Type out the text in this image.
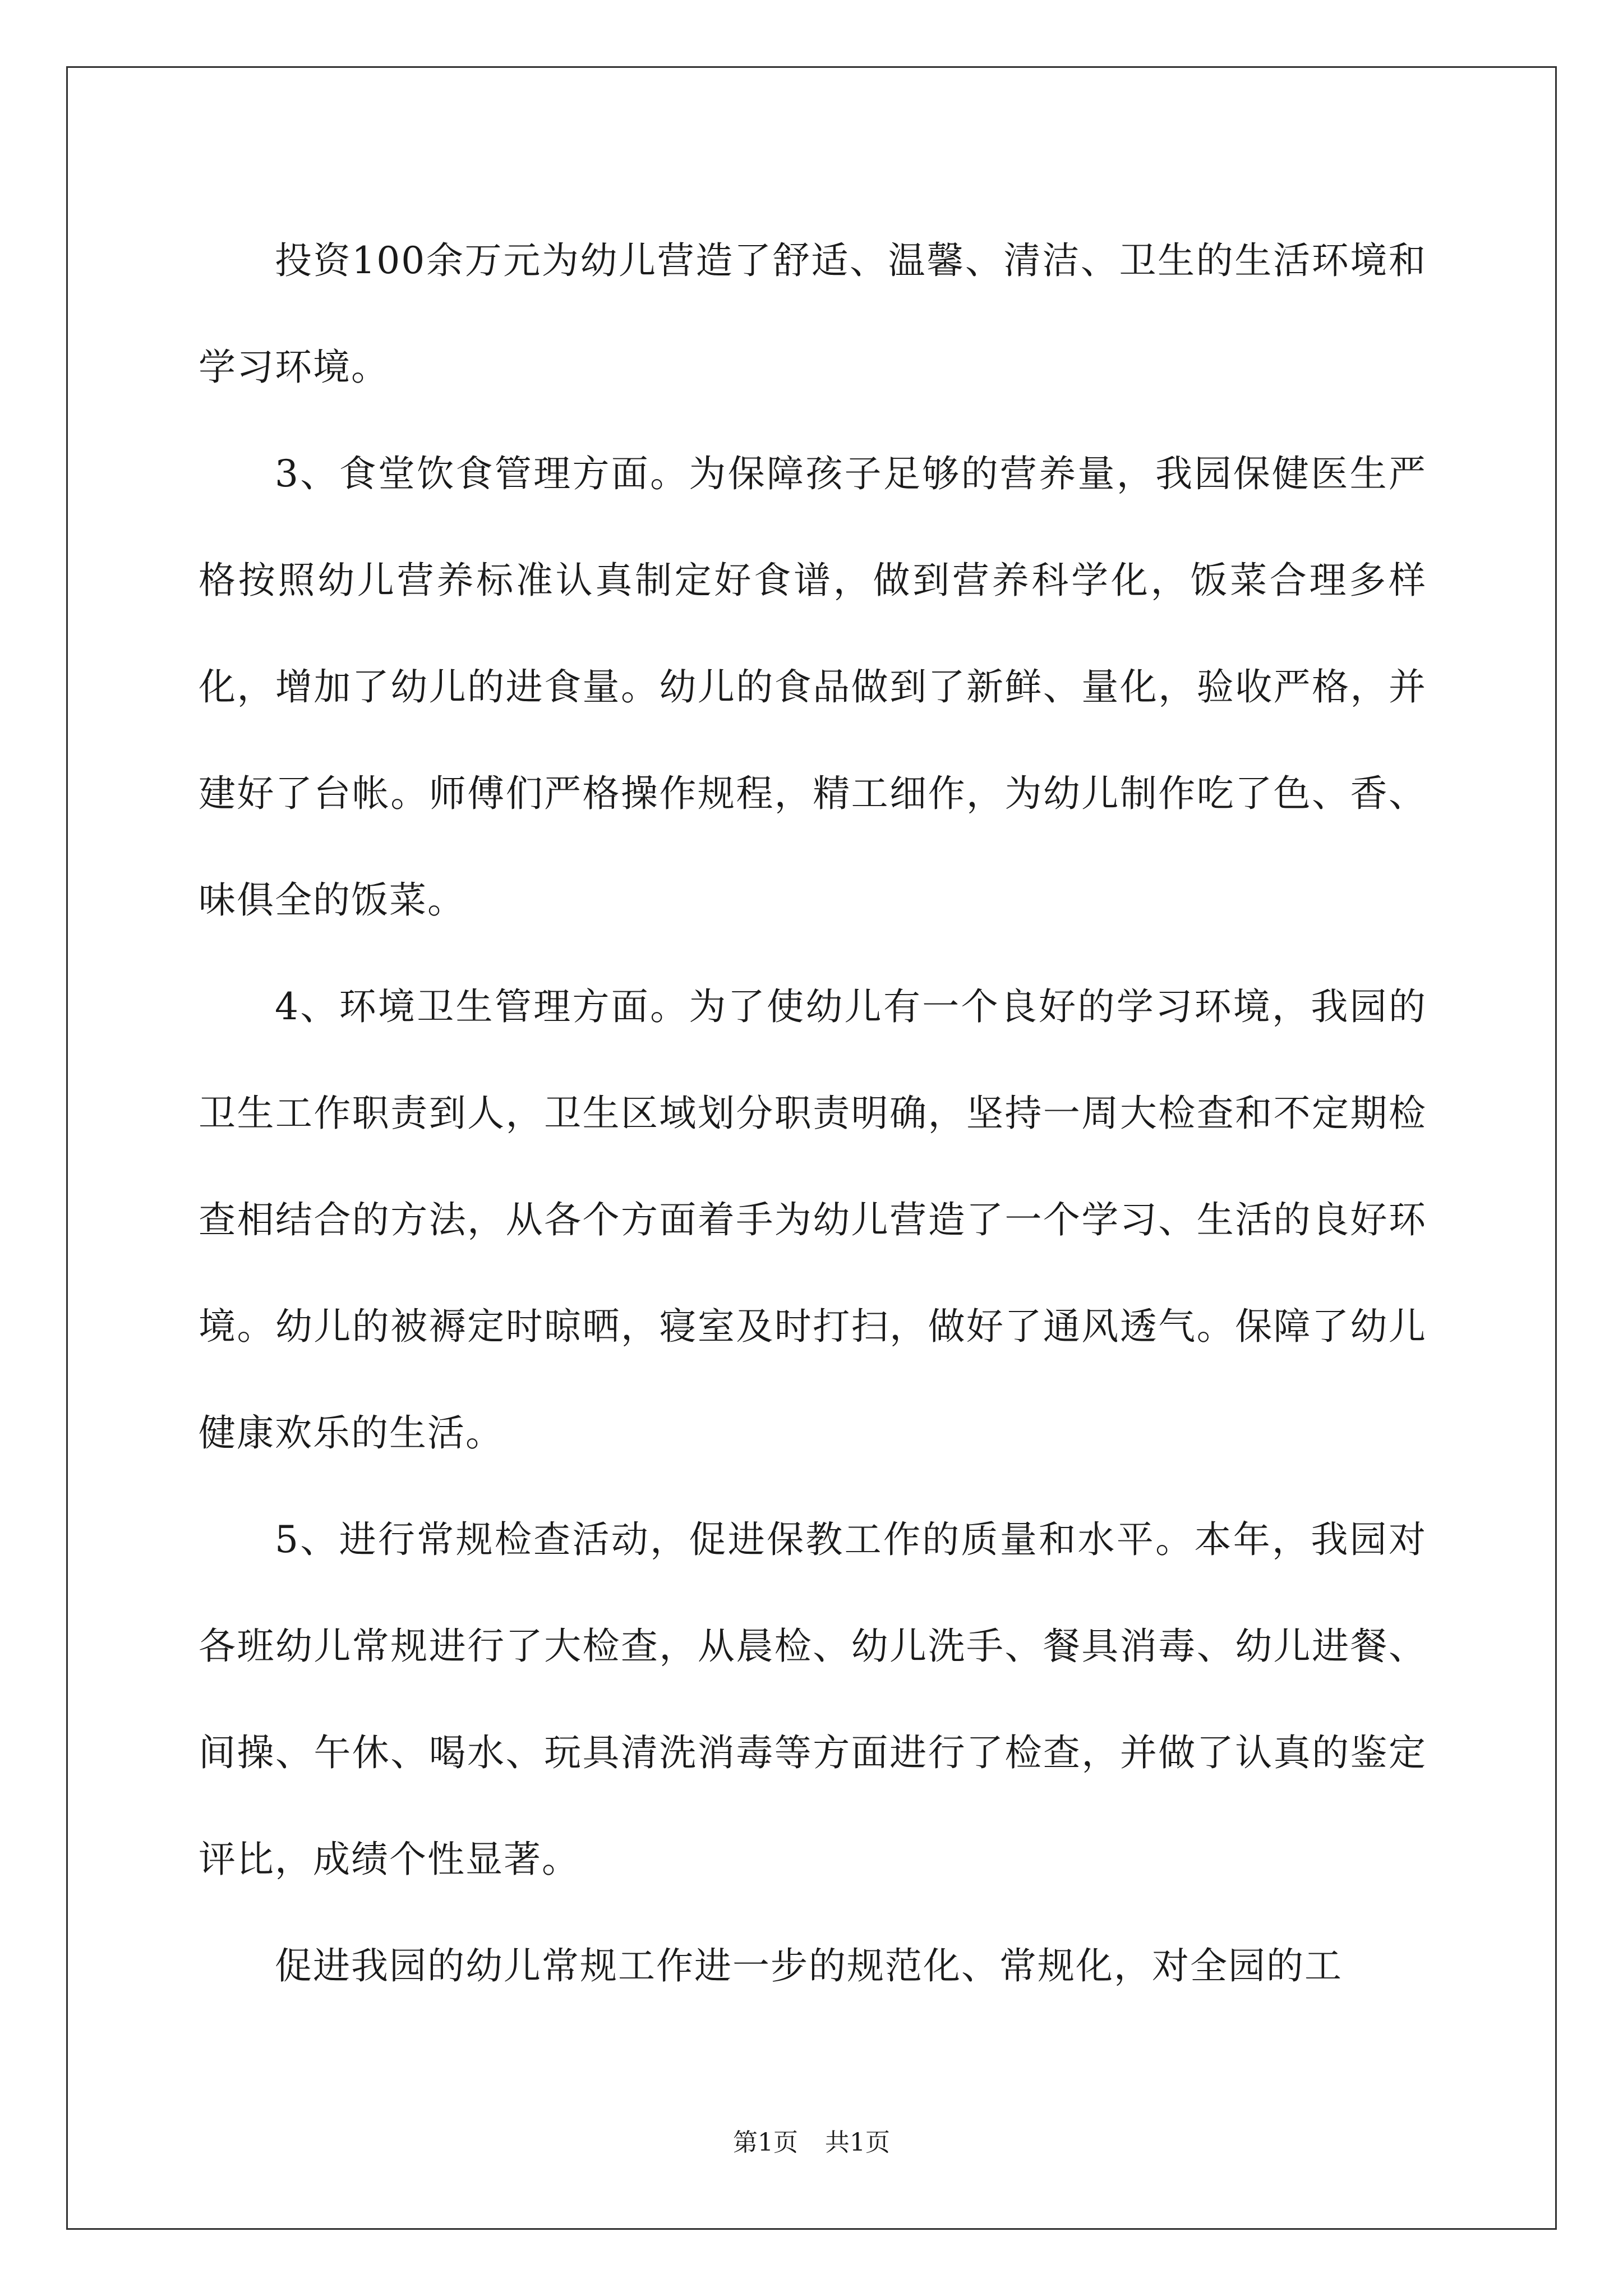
投资100余万元为幼儿营造了舒适、温馨、清洁、卫生的生活环境和学习环境。

3、食堂饮食管理方面。为保障孩子足够的营养量，我园保健医生严格按照幼儿营养标准认真制定好食谱，做到营养科学化，饭菜合理多样化，增加了幼儿的进食量。幼儿的食品做到了新鲜、量化，验收严格，并建好了台帐。师傅们严格操作规程，精工细作，为幼儿制作吃了色、香、味俱全的饭菜。

4、环境卫生管理方面。为了使幼儿有一个良好的学习环境，我园的卫生工作职责到人，卫生区域划分职责明确，坚持一周大检查和不定期检查相结合的方法，从各个方面着手为幼儿营造了一个学习、生活的良好环境。幼儿的被褥定时晾晒，寝室及时打扫，做好了通风透气。保障了幼儿健康欢乐的生活。

5、进行常规检查活动，促进保教工作的质量和水平。本年，我园对各班幼儿常规进行了大检查，从晨检、幼儿洗手、餐具消毒、幼儿进餐、间操、午休、喝水、玩具清洗消毒等方面进行了检查，并做了认真的鉴定评比，成绩个性显著。

促进我园的幼儿常规工作进一步的规范化、常规化，对全园的工

第1页 共1页
